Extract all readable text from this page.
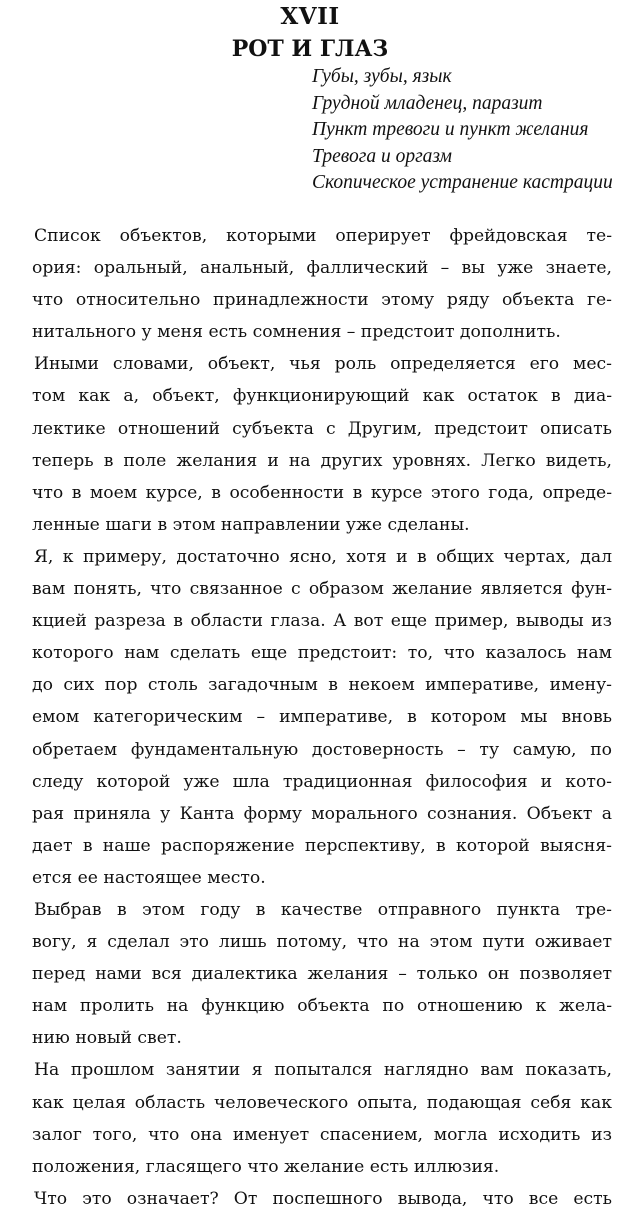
XVII
РОТ И ГЛАЗ
Губы, зубы, язык
Грудной младенец, паразит
Пункт тревоги и пункт желания
Тревога и оргазм
Скопическое устранение кастрации

Список объектов, которыми оперирует фрейдовская те-
ория: оральный, анальный, фаллический – вы уже знаете,
что относительно принадлежности этому ряду объекта ге-
нитального у меня есть сомнения – предстоит дополнить.

Иными словами, объект, чья роль определяется его мес-
том как a, объект, функционирующий как остаток в диа-
лектике отношений субъекта с Другим, предстоит описать
теперь в поле желания и на других уровнях. Легко видеть,
что в моем курсе, в особенности в курсе этого года, опреде-
ленные шаги в этом направлении уже сделаны.

Я, к примеру, достаточно ясно, хотя и в общих чертах, дал
вам понять, что связанное с образом желание является фун-
кцией разреза в области глаза. А вот еще пример, выводы из
которого нам сделать еще предстоит: то, что казалось нам
до сих пор столь загадочным в некоем императиве, имену-
емом категорическим – императиве, в котором мы вновь
обретаем фундаментальную достоверность – ту самую, по
следу которой уже шла традиционная философия и кото-
рая приняла у Канта форму морального сознания. Объект a
дает в наше распоряжение перспективу, в которой выясня-
ется ее настоящее место.

Выбрав в этом году в качестве отправного пункта тре-
вогу, я сделал это лишь потому, что на этом пути оживает
перед нами вся диалектика желания – только он позволяет
нам пролить на функцию объекта по отношению к жела-
нию новый свет.

На прошлом занятии я попытался наглядно вам показать,
как целая область человеческого опыта, подающая себя как
залог того, что она именует спасением, могла исходить из
положения, гласящего что желание есть иллюзия.

Что это означает? От поспешного вывода, что все есть
